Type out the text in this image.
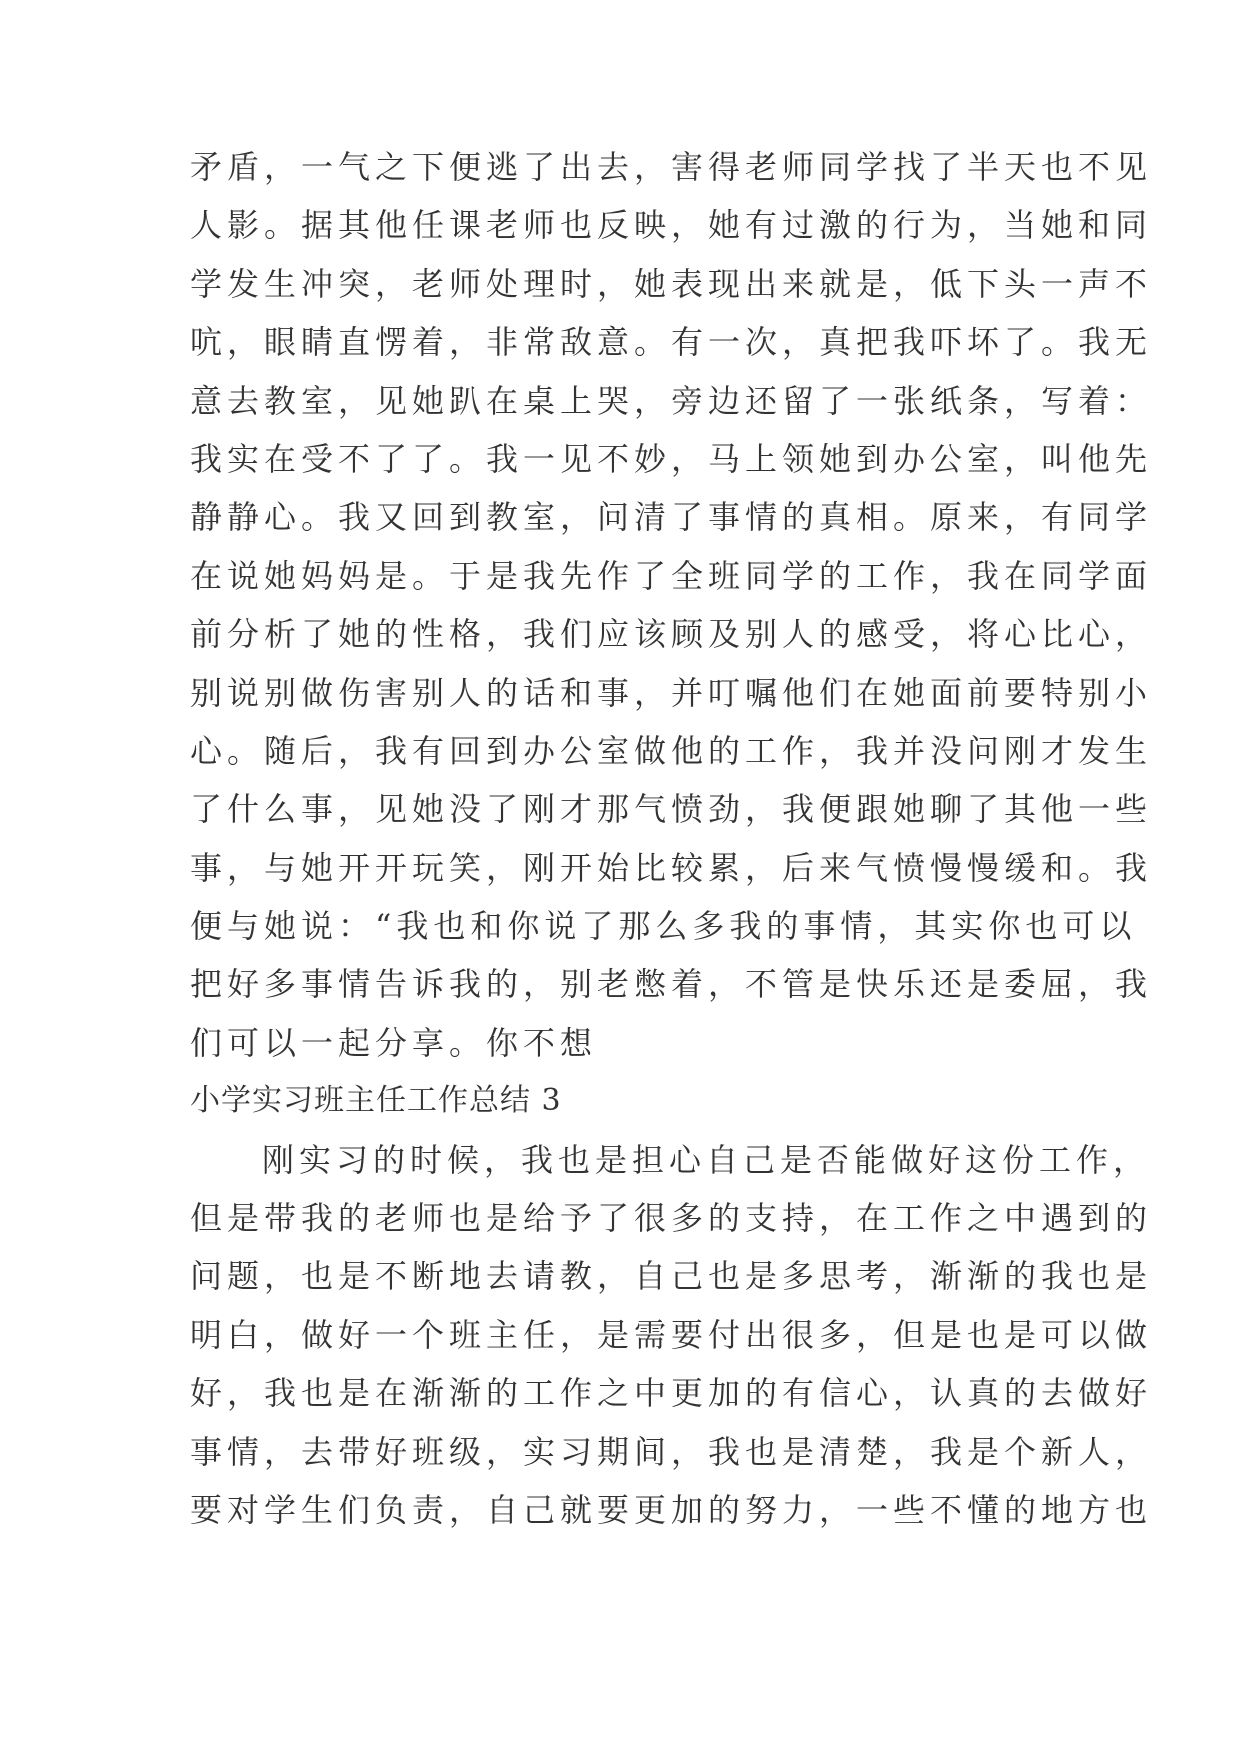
矛盾，一气之下便逃了出去，害得老师同学找了半天也不见
人影。据其他任课老师也反映，她有过激的行为，当她和同
学发生冲突，老师处理时，她表现出来就是，低下头一声不
吭，眼睛直愣着，非常敌意。有一次，真把我吓坏了。我无
意去教室，见她趴在桌上哭，旁边还留了一张纸条，写着：
我实在受不了了。我一见不妙，马上领她到办公室，叫他先
静静心。我又回到教室，问清了事情的真相。原来，有同学
在说她妈妈是。于是我先作了全班同学的工作，我在同学面
前分析了她的性格，我们应该顾及别人的感受，将心比心，
别说别做伤害别人的话和事，并叮嘱他们在她面前要特别小
心。随后，我有回到办公室做他的工作，我并没问刚才发生
了什么事，见她没了刚才那气愤劲，我便跟她聊了其他一些
事，与她开开玩笑，刚开始比较累，后来气愤慢慢缓和。我
便与她说：“我也和你说了那么多我的事情，其实你也可以
把好多事情告诉我的，别老憋着，不管是快乐还是委屈，我
们可以一起分享。你不想
小学实习班主任工作总结 3
刚实习的时候，我也是担心自己是否能做好这份工作，
但是带我的老师也是给予了很多的支持，在工作之中遇到的
问题，也是不断地去请教，自己也是多思考，渐渐的我也是
明白，做好一个班主任，是需要付出很多，但是也是可以做
好，我也是在渐渐的工作之中更加的有信心，认真的去做好
事情，去带好班级，实习期间，我也是清楚，我是个新人，
要对学生们负责，自己就要更加的努力，一些不懂的地方也
